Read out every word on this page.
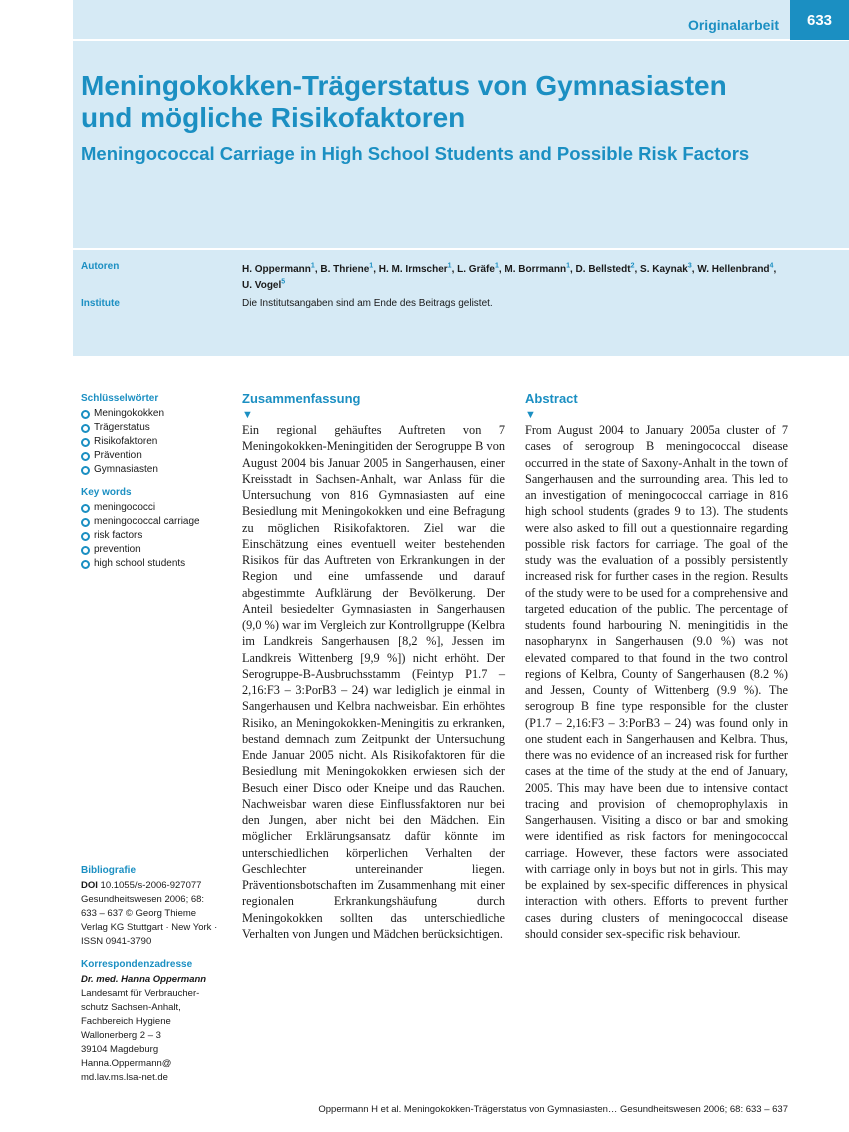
Originalarbeit	633
Meningokokken-Trägerstatus von Gymnasiasten
und mögliche Risikofaktoren
Meningococcal Carriage in High School Students and Possible Risk Factors
Autoren	H. Oppermann$^1$, B. Thriene$^1$, H. M. Irmscher$^1$, L. Gräfe$^1$, M. Borrmann$^1$, D. Bellstedt$^2$, S. Kaynak$^3$, W. Hellenbrand$^4$,
U. Vogel$^5$
Institute	Die Institutsangaben sind am Ende des Beitrags gelistet.
Schlüsselwörter
Meningokokken
Trägerstatus
Risikofaktoren
Prävention
Gymnasiasten
Key words
meningococci
meningococcal carriage
risk factors
prevention
high school students
Bibliografie
DOI 10.1055/s-2006-927077
Gesundheitswesen 2006; 68:
633 – 637 © Georg Thieme
Verlag KG Stuttgart · New York ·
ISSN 0941-3790
Korrespondenzadresse
Dr. med. Hanna Oppermann
Landesamt für Verbraucher-
schutz Sachsen-Anhalt,
Fachbereich Hygiene
Wallonerberg 2 – 3
39104 Magdeburg
Hanna.Oppermann@
md.lav.ms.lsa-net.de
Zusammenfassung
▼
Ein regional gehäuftes Auftreten von 7 Meningokokken-Meningitiden der Serogruppe B von August 2004 bis Januar 2005 in Sangerhausen, einer Kreisstadt in Sachsen-Anhalt, war Anlass für die Untersuchung von 816 Gymnasiasten auf eine Besiedlung mit Meningokokken und eine Befragung zu möglichen Risikofaktoren. Ziel war die Einschätzung eines eventuell weiter bestehenden Risikos für das Auftreten von Erkrankungen in der Region und eine umfassende und darauf abgestimmte Aufklärung der Bevölkerung. Der Anteil besiedelter Gymnasiasten in Sangerhausen (9,0 %) war im Vergleich zur Kontrollgruppe (Kelbra im Landkreis Sangerhausen [8,2 %], Jessen im Landkreis Wittenberg [9,9 %]) nicht erhöht. Der Serogruppe-B-Ausbruchsstamm (Feintyp P1.7 – 2,16:F3 – 3:PorB3 – 24) war lediglich je einmal in Sangerhausen und Kelbra nachweisbar. Ein erhöhtes Risiko, an Meningokokken-Meningitis zu erkranken, bestand demnach zum Zeitpunkt der Untersuchung Ende Januar 2005 nicht. Als Risikofaktoren für die Besiedlung mit Meningokokken erwiesen sich der Besuch einer Disco oder Kneipe und das Rauchen. Nachweisbar waren diese Einflussfaktoren nur bei den Jungen, aber nicht bei den Mädchen. Ein möglicher Erklärungsansatz dafür könnte im unterschiedlichen körperlichen Verhalten der Geschlechter untereinander liegen. Präventionsbotschaften im Zusammenhang mit einer regionalen Erkrankungshäufung durch Meningokokken sollten das unterschiedliche Verhalten von Jungen und Mädchen berücksichtigen.
Abstract
▼
From August 2004 to January 2005a cluster of 7 cases of serogroup B meningococcal disease occurred in the state of Saxony-Anhalt in the town of Sangerhausen and the surrounding area. This led to an investigation of meningococcal carriage in 816 high school students (grades 9 to 13). The students were also asked to fill out a questionnaire regarding possible risk factors for carriage. The goal of the study was the evaluation of a possibly persistently increased risk for further cases in the region. Results of the study were to be used for a comprehensive and targeted education of the public. The percentage of students found harbouring N. meningitidis in the nasopharynx in Sangerhausen (9.0 %) was not elevated compared to that found in the two control regions of Kelbra, County of Sangerhausen (8.2 %) and Jessen, County of Wittenberg (9.9 %). The serogroup B fine type responsible for the cluster (P1.7 – 2,16:F3 – 3:PorB3 – 24) was found only in one student each in Sangerhausen and Kelbra. Thus, there was no evidence of an increased risk for further cases at the time of the study at the end of January, 2005. This may have been due to intensive contact tracing and provision of chemoprophylaxis in Sangerhausen. Visiting a disco or bar and smoking were identified as risk factors for meningococcal carriage. However, these factors were associated with carriage only in boys but not in girls. This may be explained by sex-specific differences in physical interaction with others. Efforts to prevent further cases during clusters of meningococcal disease should consider sex-specific risk behaviour.
Oppermann H et al. Meningokokken-Trägerstatus von Gymnasiasten… Gesundheitswesen 2006; 68: 633 – 637
